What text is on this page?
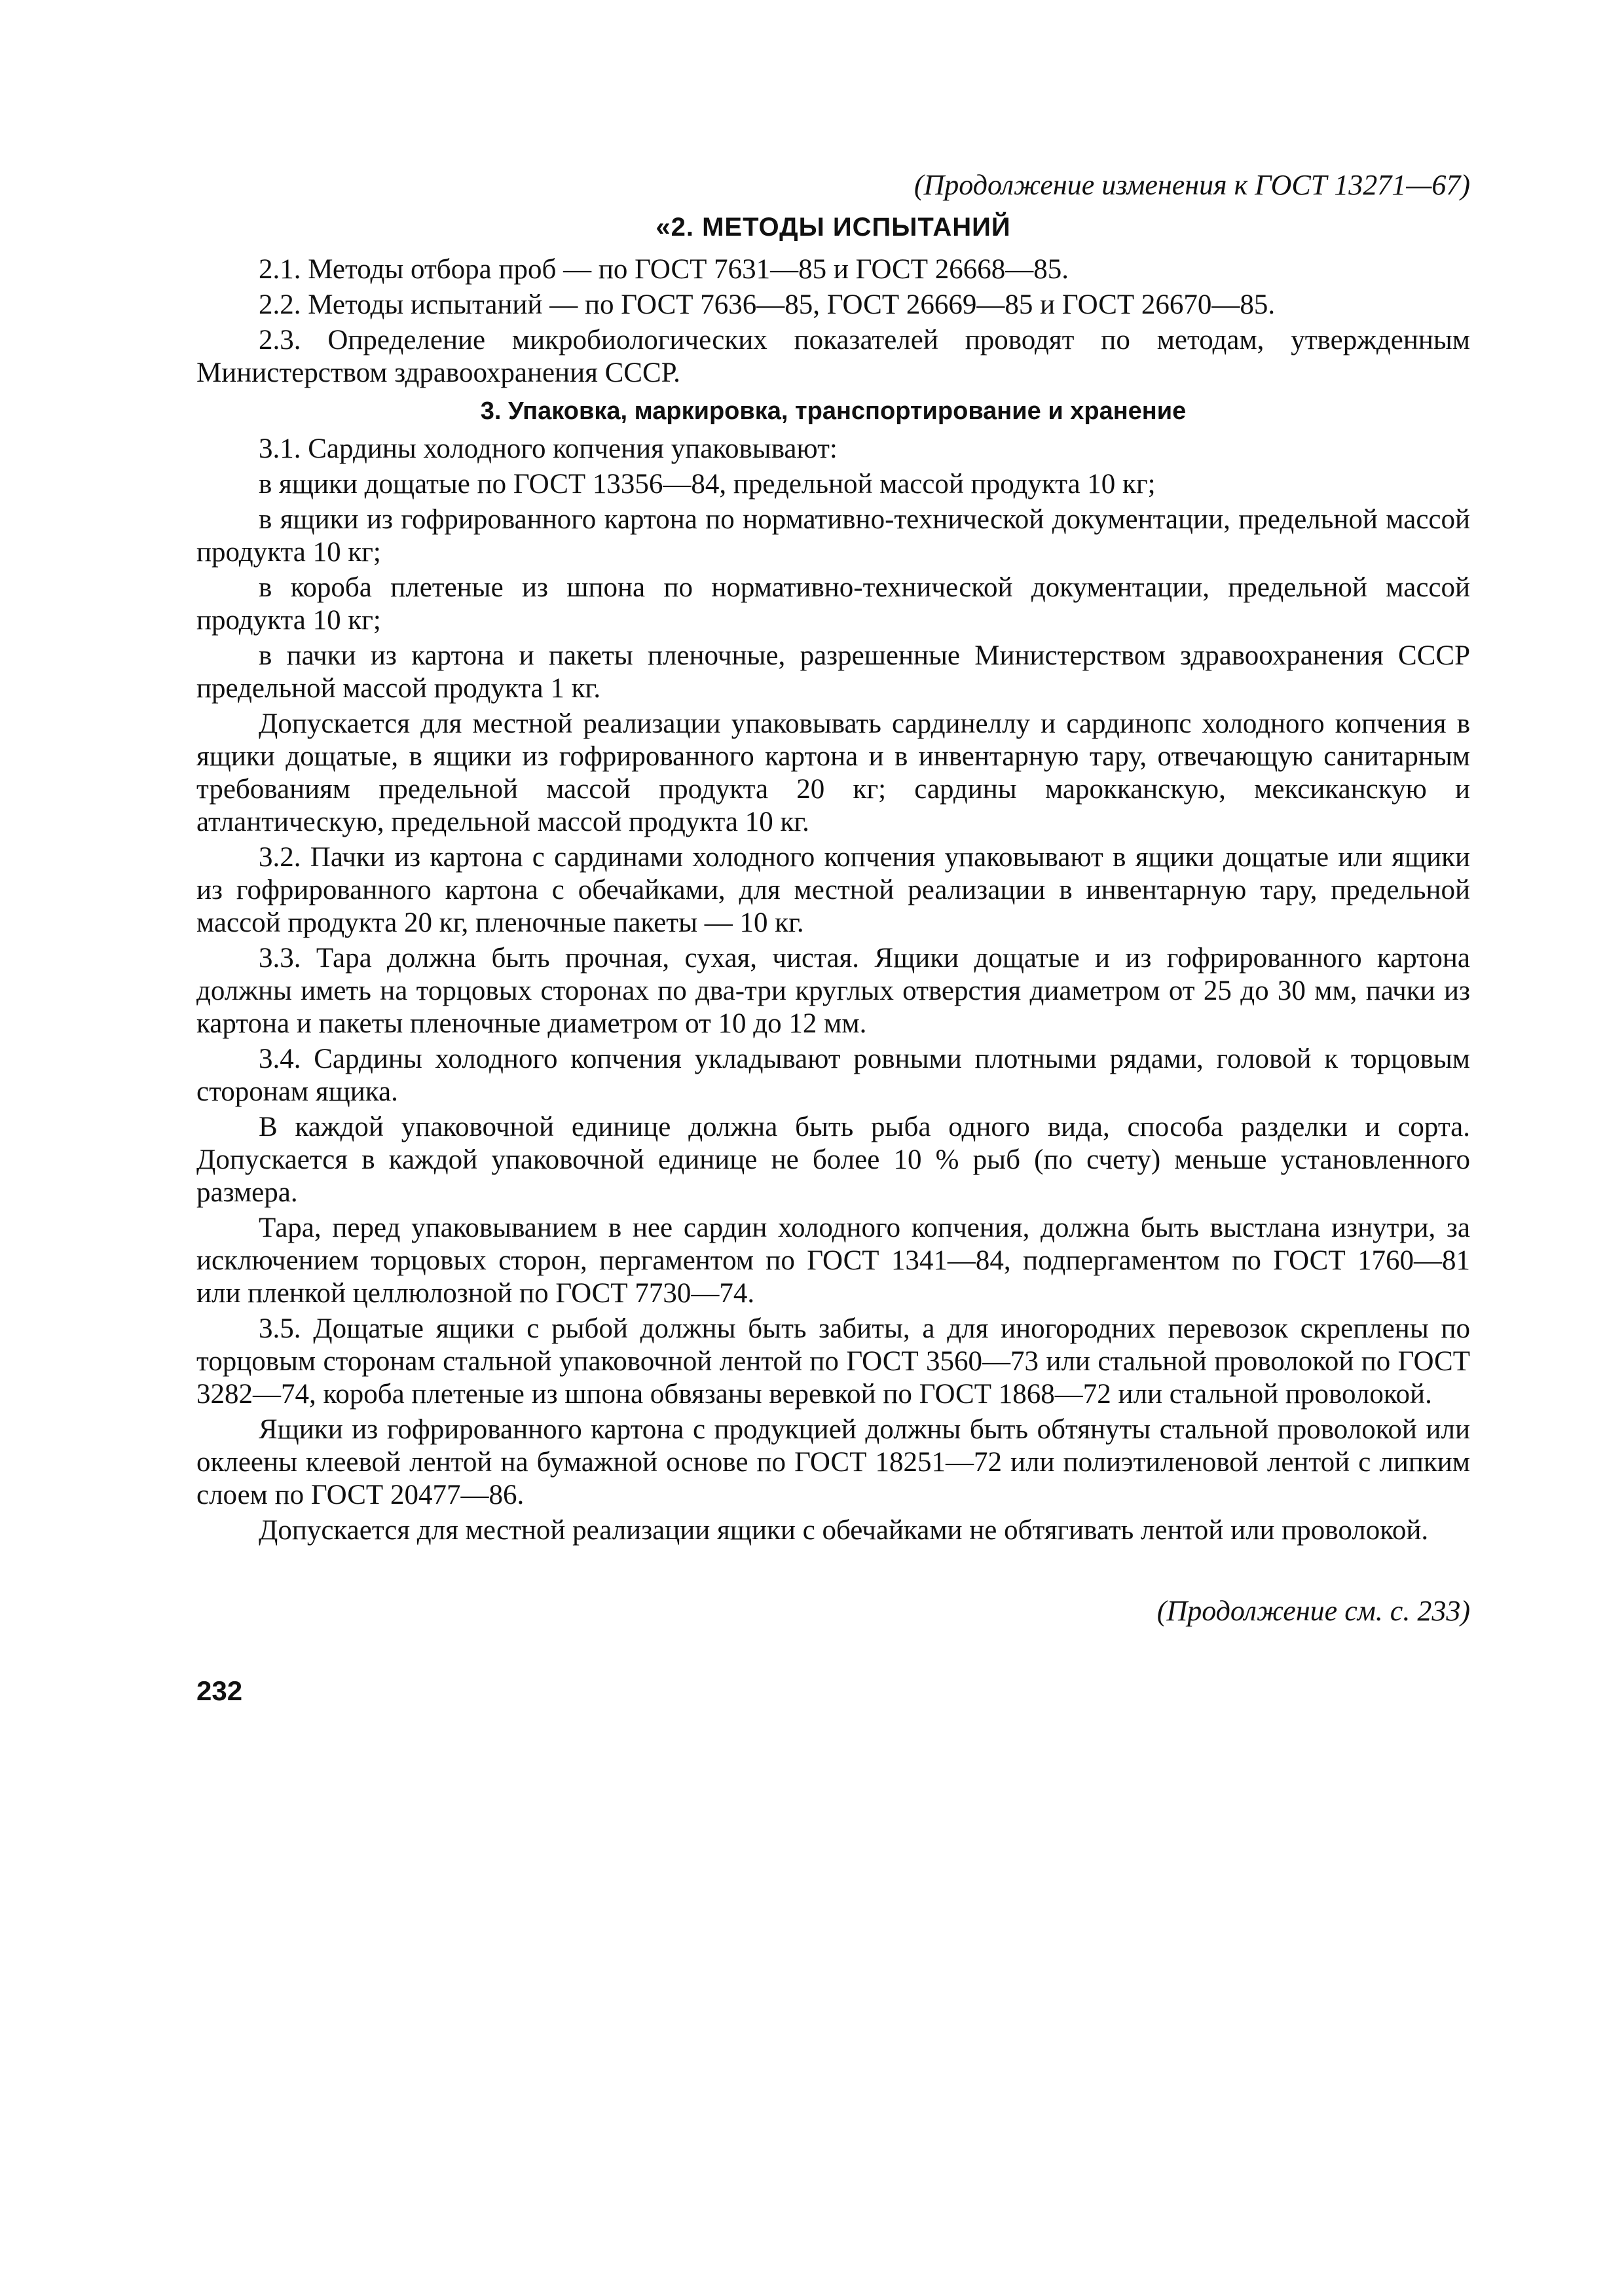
(Продолжение изменения к ГОСТ 13271—67)
«2. МЕТОДЫ ИСПЫТАНИЙ

2.1. Методы отбора проб — по ГОСТ 7631—85 и ГОСТ 26668—85.

2.2. Методы испытаний — по ГОСТ 7636—85, ГОСТ 26669—85 и ГОСТ 26670—85.

2.3. Определение микробиологических показателей проводят по методам, утвержденным Министерством здравоохранения СССР.

3. Упаковка, маркировка, транспортирование и хранение

3.1. Сардины холодного копчения упаковывают:

в ящики дощатые по ГОСТ 13356—84, предельной массой продукта 10 кг;

в ящики из гофрированного картона по нормативно-технической документации, предельной массой продукта 10 кг;

в короба плетеные из шпона по нормативно-технической документации, предельной массой продукта 10 кг;

в пачки из картона и пакеты пленочные, разрешенные Министерством здравоохранения СССР предельной массой продукта 1 кг.

Допускается для местной реализации упаковывать сардинеллу и сардинопс холодного копчения в ящики дощатые, в ящики из гофрированного картона и в инвентарную тару, отвечающую санитарным требованиям предельной массой продукта 20 кг; сардины марокканскую, мексиканскую и атлантическую, предельной массой продукта 10 кг.

3.2. Пачки из картона с сардинами холодного копчения упаковывают в ящики дощатые или ящики из гофрированного картона с обечайками, для местной реализации в инвентарную тару, предельной массой продукта 20 кг, пленочные пакеты — 10 кг.

3.3. Тара должна быть прочная, сухая, чистая. Ящики дощатые и из гофрированного картона должны иметь на торцовых сторонах по два-три круглых отверстия диаметром от 25 до 30 мм, пачки из картона и пакеты пленочные диаметром от 10 до 12 мм.

3.4. Сардины холодного копчения укладывают ровными плотными рядами, головой к торцовым сторонам ящика.

В каждой упаковочной единице должна быть рыба одного вида, способа разделки и сорта. Допускается в каждой упаковочной единице не более 10 % рыб (по счету) меньше установленного размера.

Тара, перед упаковыванием в нее сардин холодного копчения, должна быть выстлана изнутри, за исключением торцовых сторон, пергаментом по ГОСТ 1341—84, подпергаментом по ГОСТ 1760—81 или пленкой целлюлозной по ГОСТ 7730—74.

3.5. Дощатые ящики с рыбой должны быть забиты, а для иногородних перевозок скреплены по торцовым сторонам стальной упаковочной лентой по ГОСТ 3560—73 или стальной проволокой по ГОСТ 3282—74, короба плетеные из шпона обвязаны веревкой по ГОСТ 1868—72 или стальной проволокой.

Ящики из гофрированного картона с продукцией должны быть обтянуты стальной проволокой или оклеены клеевой лентой на бумажной основе по ГОСТ 18251—72 или полиэтиленовой лентой с липким слоем по ГОСТ 20477—86.

Допускается для местной реализации ящики с обечайками не обтягивать лентой или проволокой.

(Продолжение см. с. 233)
232
